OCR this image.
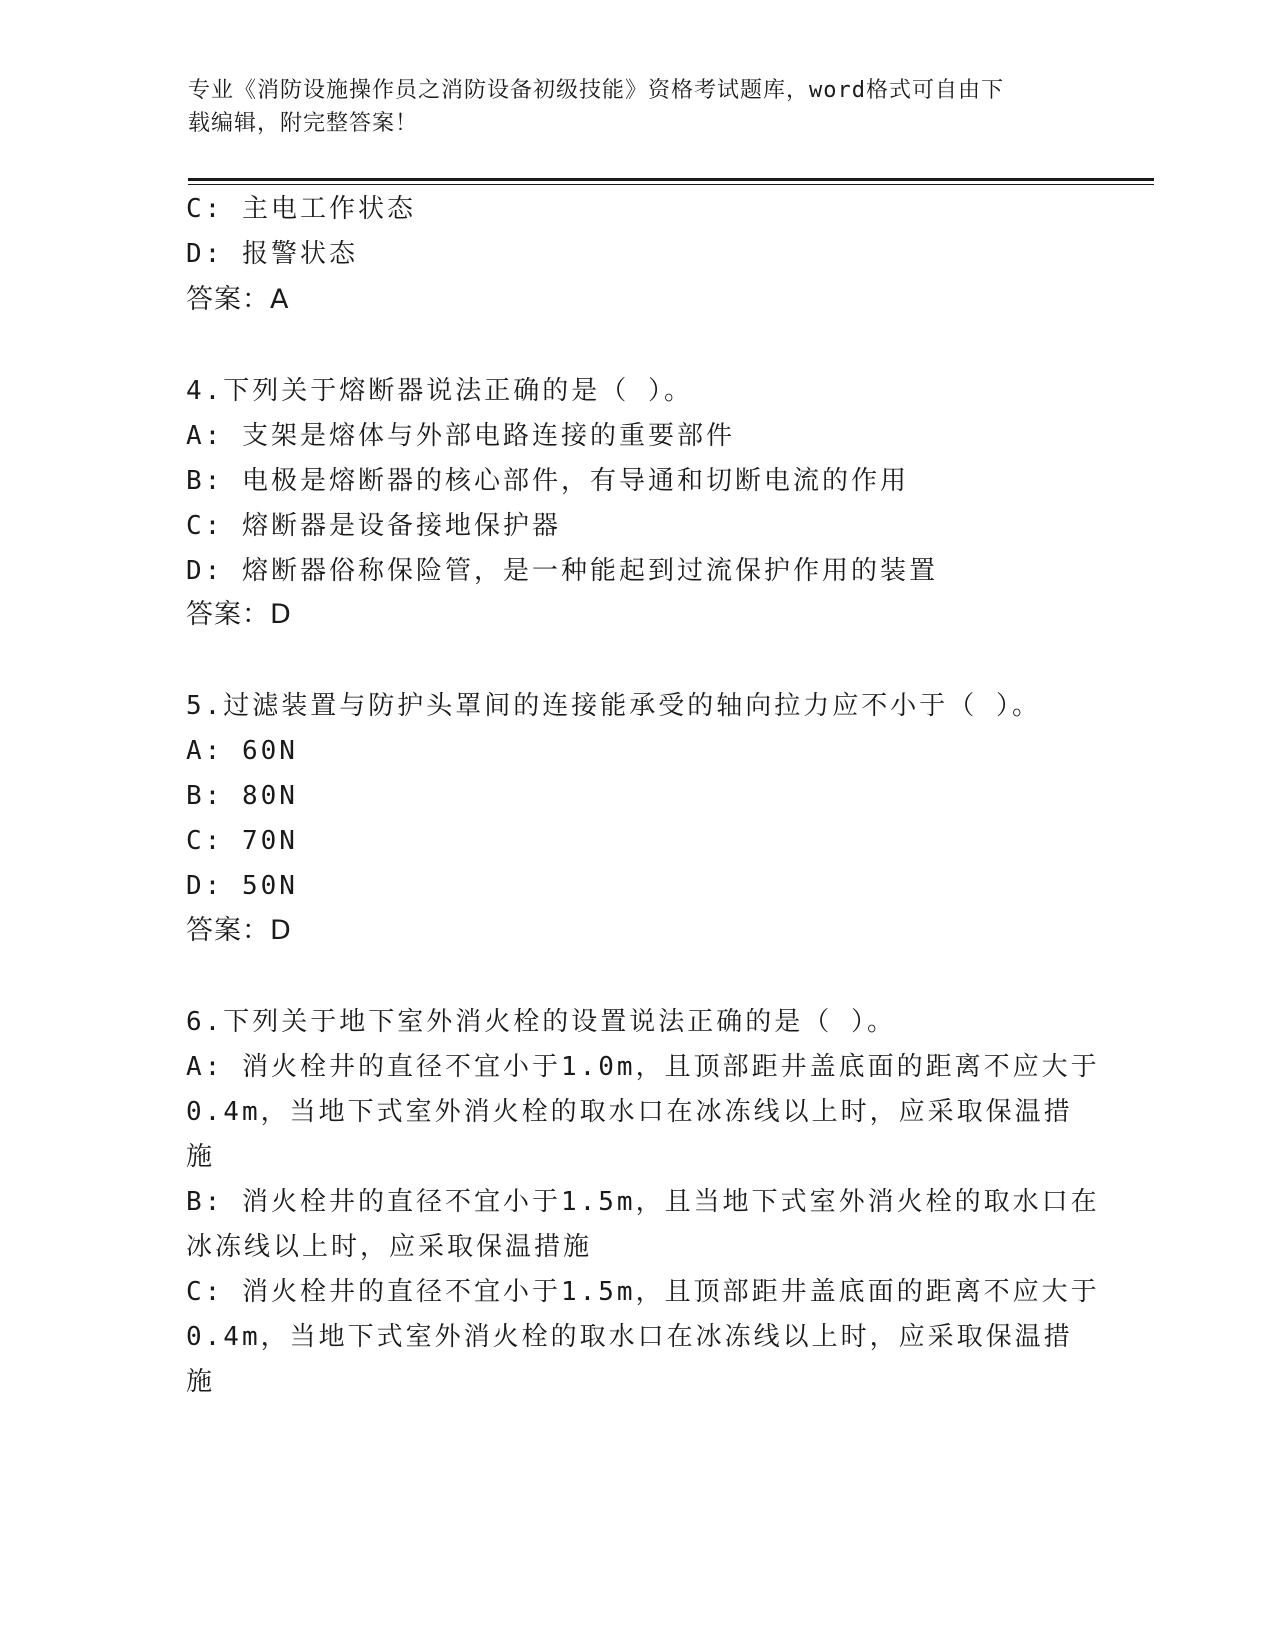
专业《消防设施操作员之消防设备初级技能》资格考试题库，word格式可自由下
载编辑，附完整答案！
C: 主电工作状态
D: 报警状态
答案：A
4.下列关于熔断器说法正确的是（ ）。
A: 支架是熔体与外部电路连接的重要部件
B: 电极是熔断器的核心部件，有导通和切断电流的作用
C: 熔断器是设备接地保护器
D: 熔断器俗称保险管，是一种能起到过流保护作用的装置
答案：D
5.过滤装置与防护头罩间的连接能承受的轴向拉力应不小于（ ）。
A: 60N
B: 80N
C: 70N
D: 50N
答案：D
6.下列关于地下室外消火栓的设置说法正确的是（ ）。
A: 消火栓井的直径不宜小于1.0m，且顶部距井盖底面的距离不应大于
0.4m，当地下式室外消火栓的取水口在冰冻线以上时，应采取保温措
施
B: 消火栓井的直径不宜小于1.5m，且当地下式室外消火栓的取水口在
冰冻线以上时，应采取保温措施
C: 消火栓井的直径不宜小于1.5m，且顶部距井盖底面的距离不应大于
0.4m，当地下式室外消火栓的取水口在冰冻线以上时，应采取保温措
施
